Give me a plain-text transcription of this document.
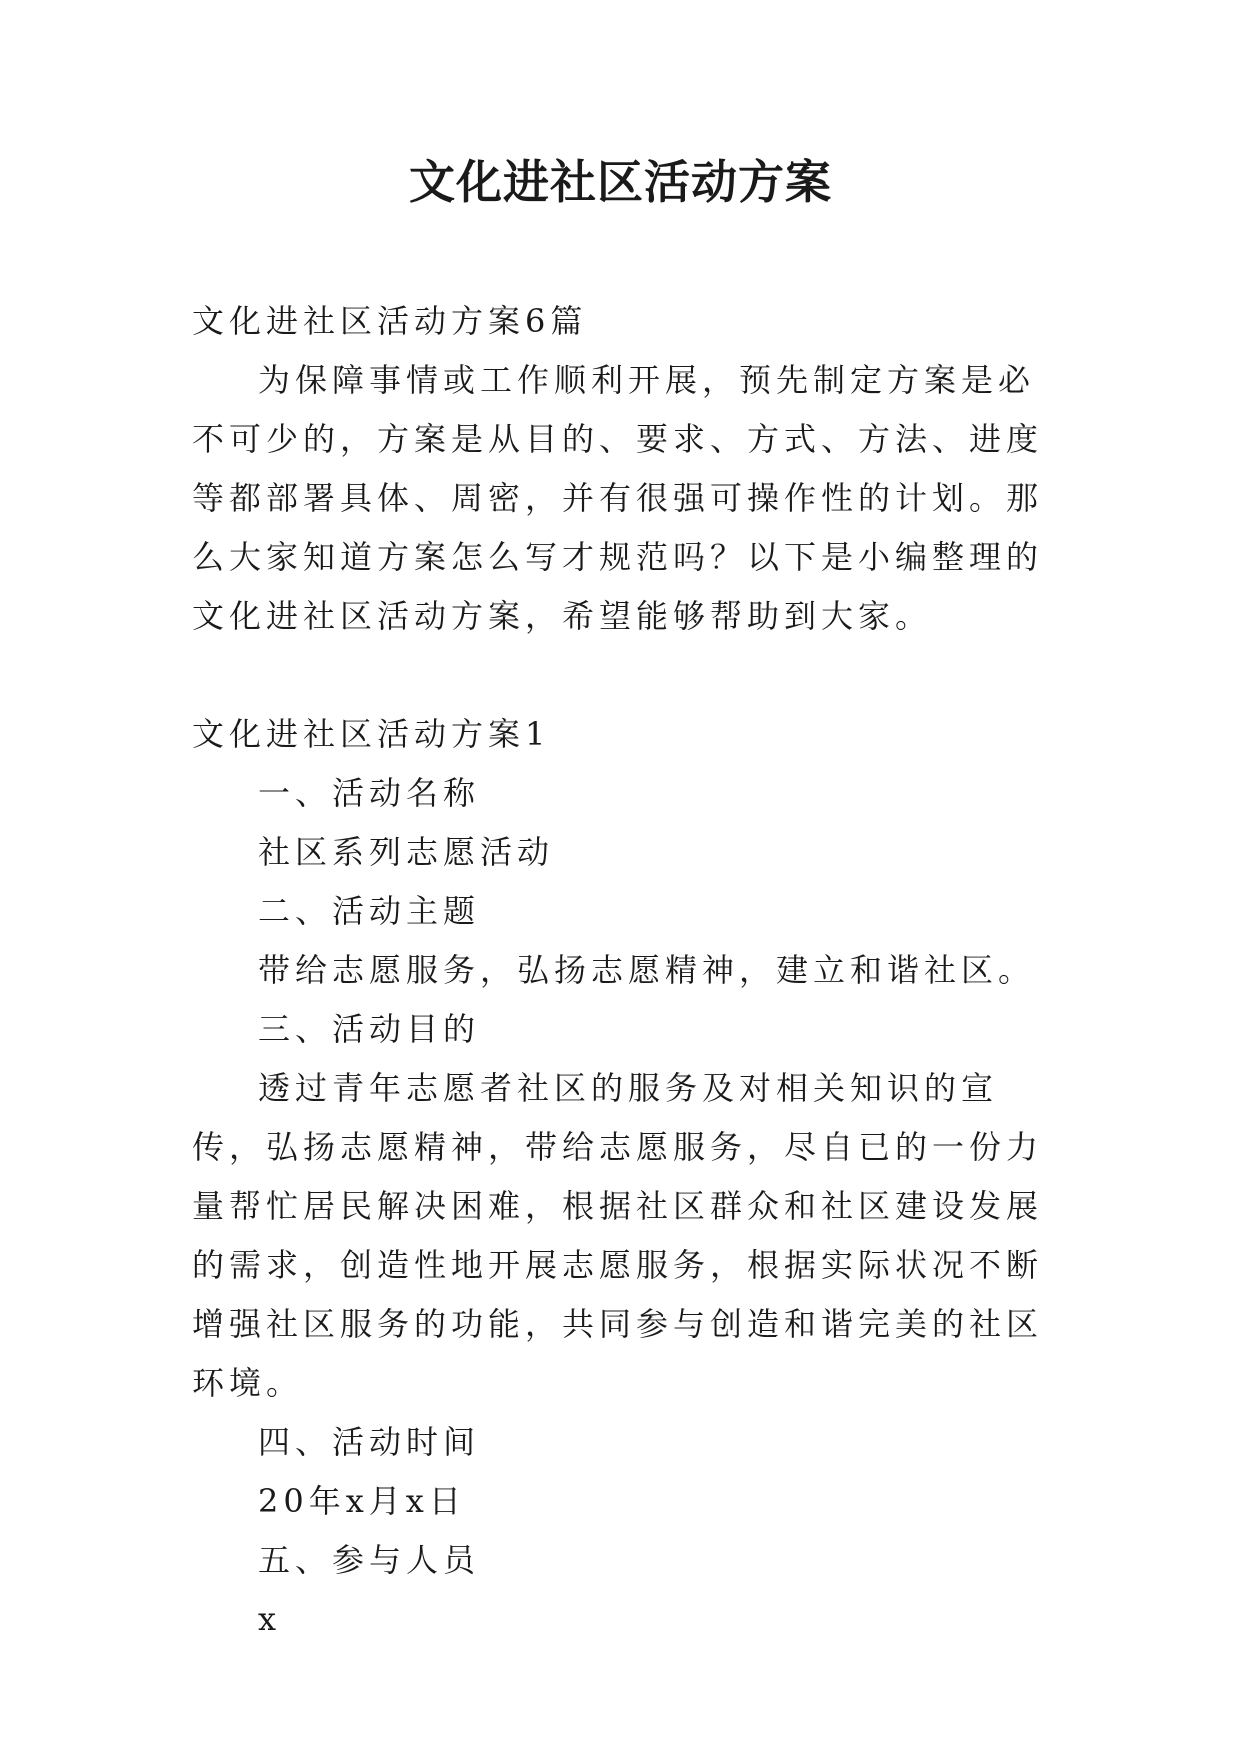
文化进社区活动方案

文化进社区活动方案6篇

为保障事情或工作顺利开展，预先制定方案是必不可少的，方案是从目的、要求、方式、方法、进度等都部署具体、周密，并有很强可操作性的计划。那么大家知道方案怎么写才规范吗？以下是小编整理的文化进社区活动方案，希望能够帮助到大家。

文化进社区活动方案1

一、活动名称

社区系列志愿活动

二、活动主题

带给志愿服务，弘扬志愿精神，建立和谐社区。

三、活动目的

透过青年志愿者社区的服务及对相关知识的宣传，弘扬志愿精神，带给志愿服务，尽自已的一份力量帮忙居民解决困难，根据社区群众和社区建设发展的需求，创造性地开展志愿服务，根据实际状况不断增强社区服务的功能，共同参与创造和谐完美的社区环境。

四、活动时间

20年x月x日

五、参与人员

x
